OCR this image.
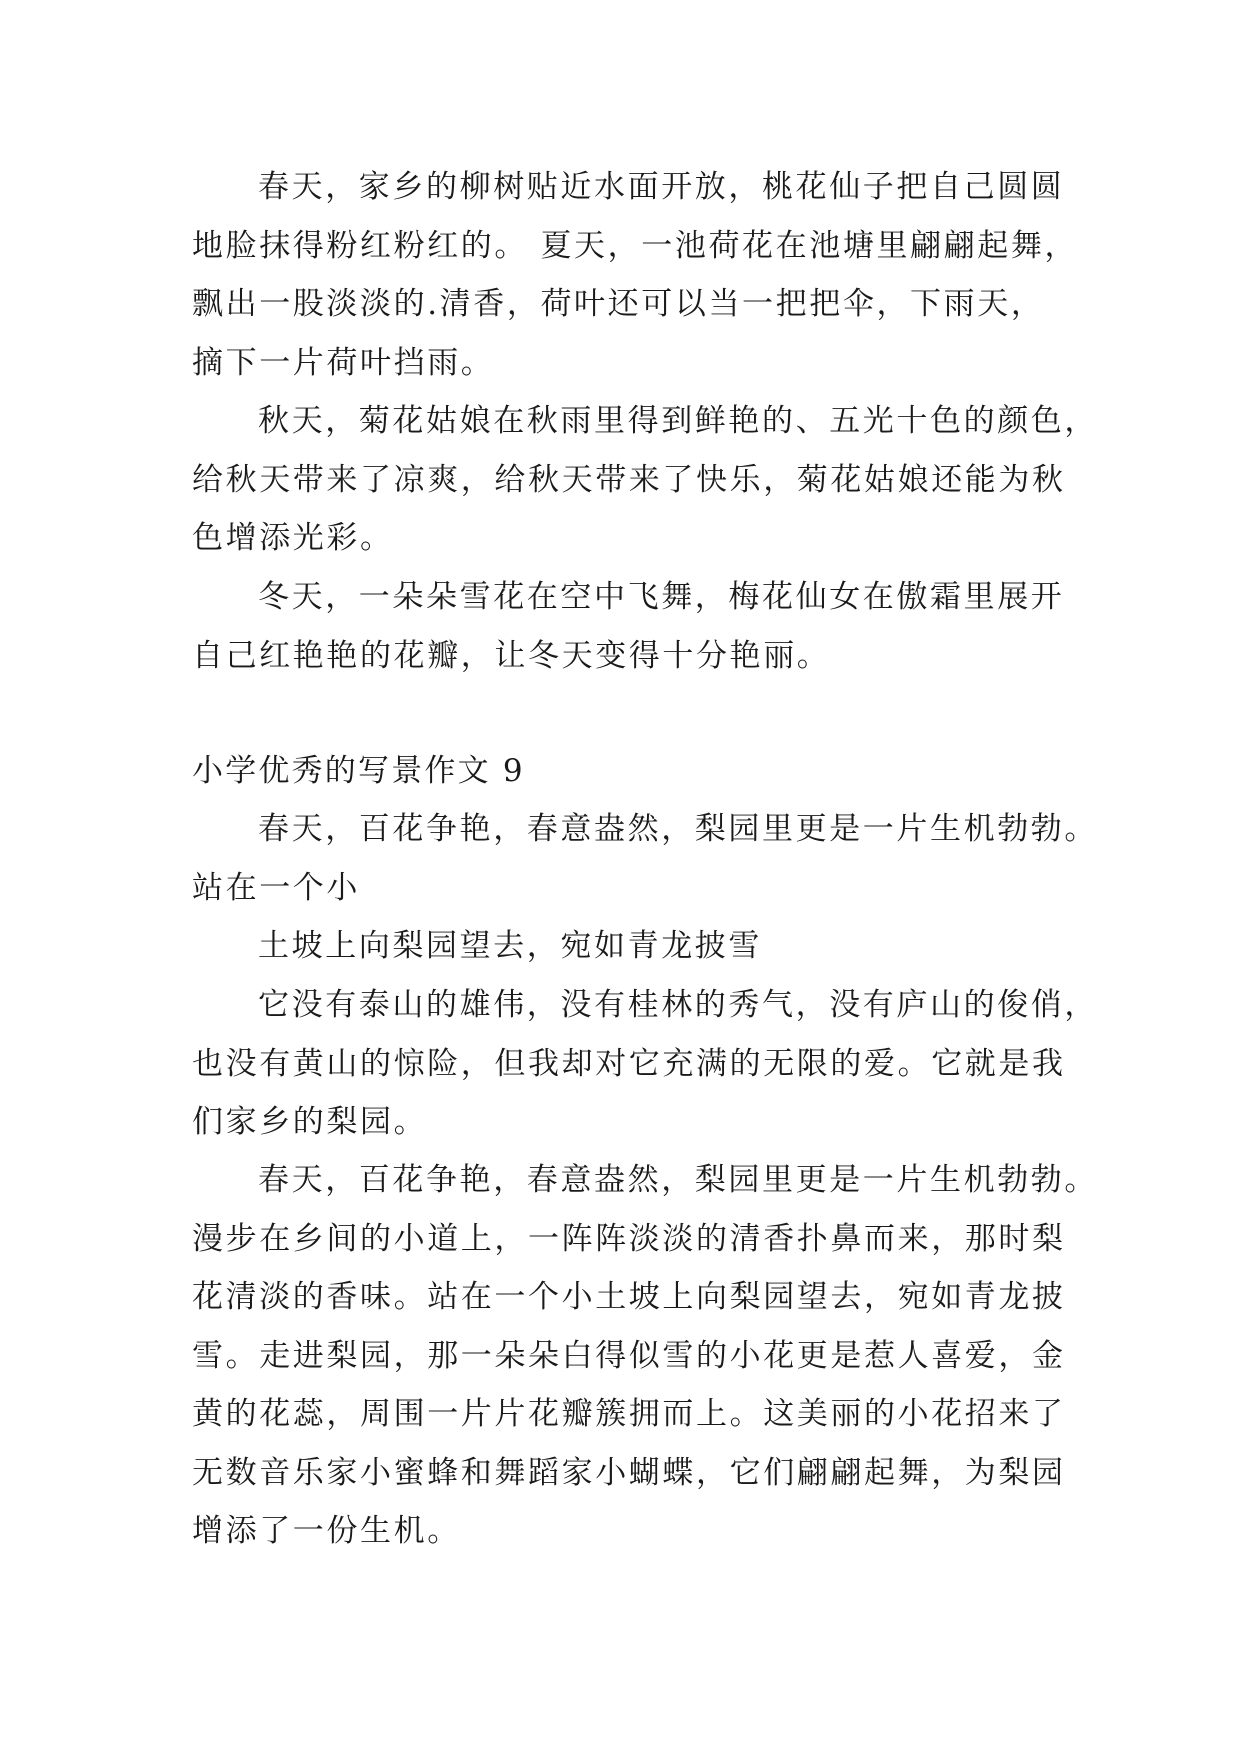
春天，家乡的柳树贴近水面开放，桃花仙子把自己圆圆
地脸抹得粉红粉红的。 夏天，一池荷花在池塘里翩翩起舞，
飘出一股淡淡的.清香，荷叶还可以当一把把伞，下雨天，
摘下一片荷叶挡雨。

秋天，菊花姑娘在秋雨里得到鲜艳的、五光十色的颜色，
给秋天带来了凉爽，给秋天带来了快乐，菊花姑娘还能为秋
色增添光彩。

冬天，一朵朵雪花在空中飞舞，梅花仙女在傲霜里展开
自己红艳艳的花瓣，让冬天变得十分艳丽。

小学优秀的写景作文 9

春天，百花争艳，春意盎然，梨园里更是一片生机勃勃。
站在一个小

土坡上向梨园望去，宛如青龙披雪

它没有泰山的雄伟，没有桂林的秀气，没有庐山的俊俏，
也没有黄山的惊险，但我却对它充满的无限的爱。它就是我
们家乡的梨园。

春天，百花争艳，春意盎然，梨园里更是一片生机勃勃。
漫步在乡间的小道上，一阵阵淡淡的清香扑鼻而来，那时梨
花清淡的香味。站在一个小土坡上向梨园望去，宛如青龙披
雪。走进梨园，那一朵朵白得似雪的小花更是惹人喜爱，金
黄的花蕊，周围一片片花瓣簇拥而上。这美丽的小花招来了
无数音乐家小蜜蜂和舞蹈家小蝴蝶，它们翩翩起舞，为梨园
增添了一份生机。
